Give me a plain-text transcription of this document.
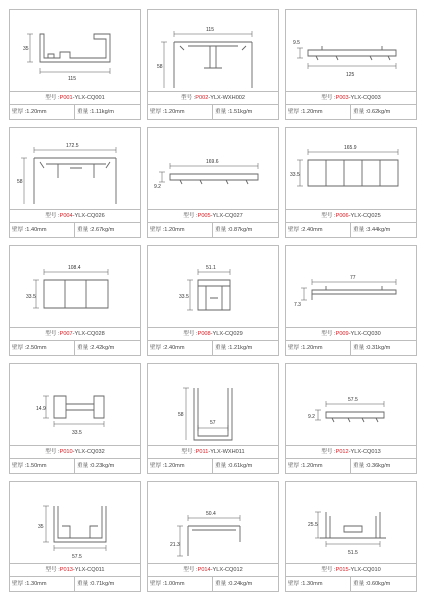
35
115
型号 :P001-YLX-CQ001
壁厚 :1.20mm	重量 :1.11kg/m
115
58
型号 :P002-YLX-WXH002
壁厚 :1.20mm	重量 :1.51kg/m
9.5
125
型号 :P003-YLX-CQ003
壁厚 :1.20mm	重量 :0.62kg/m
172.5
58
型号 :P004-YLX-CQ026
壁厚 :1.40mm	重量 :2.67kg/m
169.6
9.2
型号 :P005-YLX-CQ027
壁厚 :1.20mm	重量 :0.87kg/m
165.9
33.5
型号 :P006-YLX-CQ025
壁厚 :2.40mm	重量 :3.44kg/m
108.4
33.5
型号 :P007-YLX-CQ028
壁厚 :2.50mm	重量 :2.42kg/m
51.1
33.5
型号 :P008-YLX-CQ029
壁厚 :2.40mm	重量 :1.21kg/m
77
7.3
型号 :P009-YLX-CQ030
壁厚 :1.20mm	重量 :0.31kg/m
14.9
33.5
型号 :P010-YLX-CQ032
壁厚 :1.50mm	重量 :0.23kg/m
58
57
型号 :P011-YLX-WXH011
壁厚 :1.20mm	重量 :0.61kg/m
57.5
9.2
型号 :P012-YLX-CQ013
壁厚 :1.20mm	重量 :0.36kg/m
35
57.5
型号 :P013-YLX-CQ011
壁厚 :1.30mm	重量 :0.71kg/m
50.4
21.3
型号 :P014-YLX-CQ012
壁厚 :1.00mm	重量 :0.24kg/m
25.5
51.5
型号 :P015-YLX-CQ010
壁厚 :1.30mm	重量 :0.60kg/m
